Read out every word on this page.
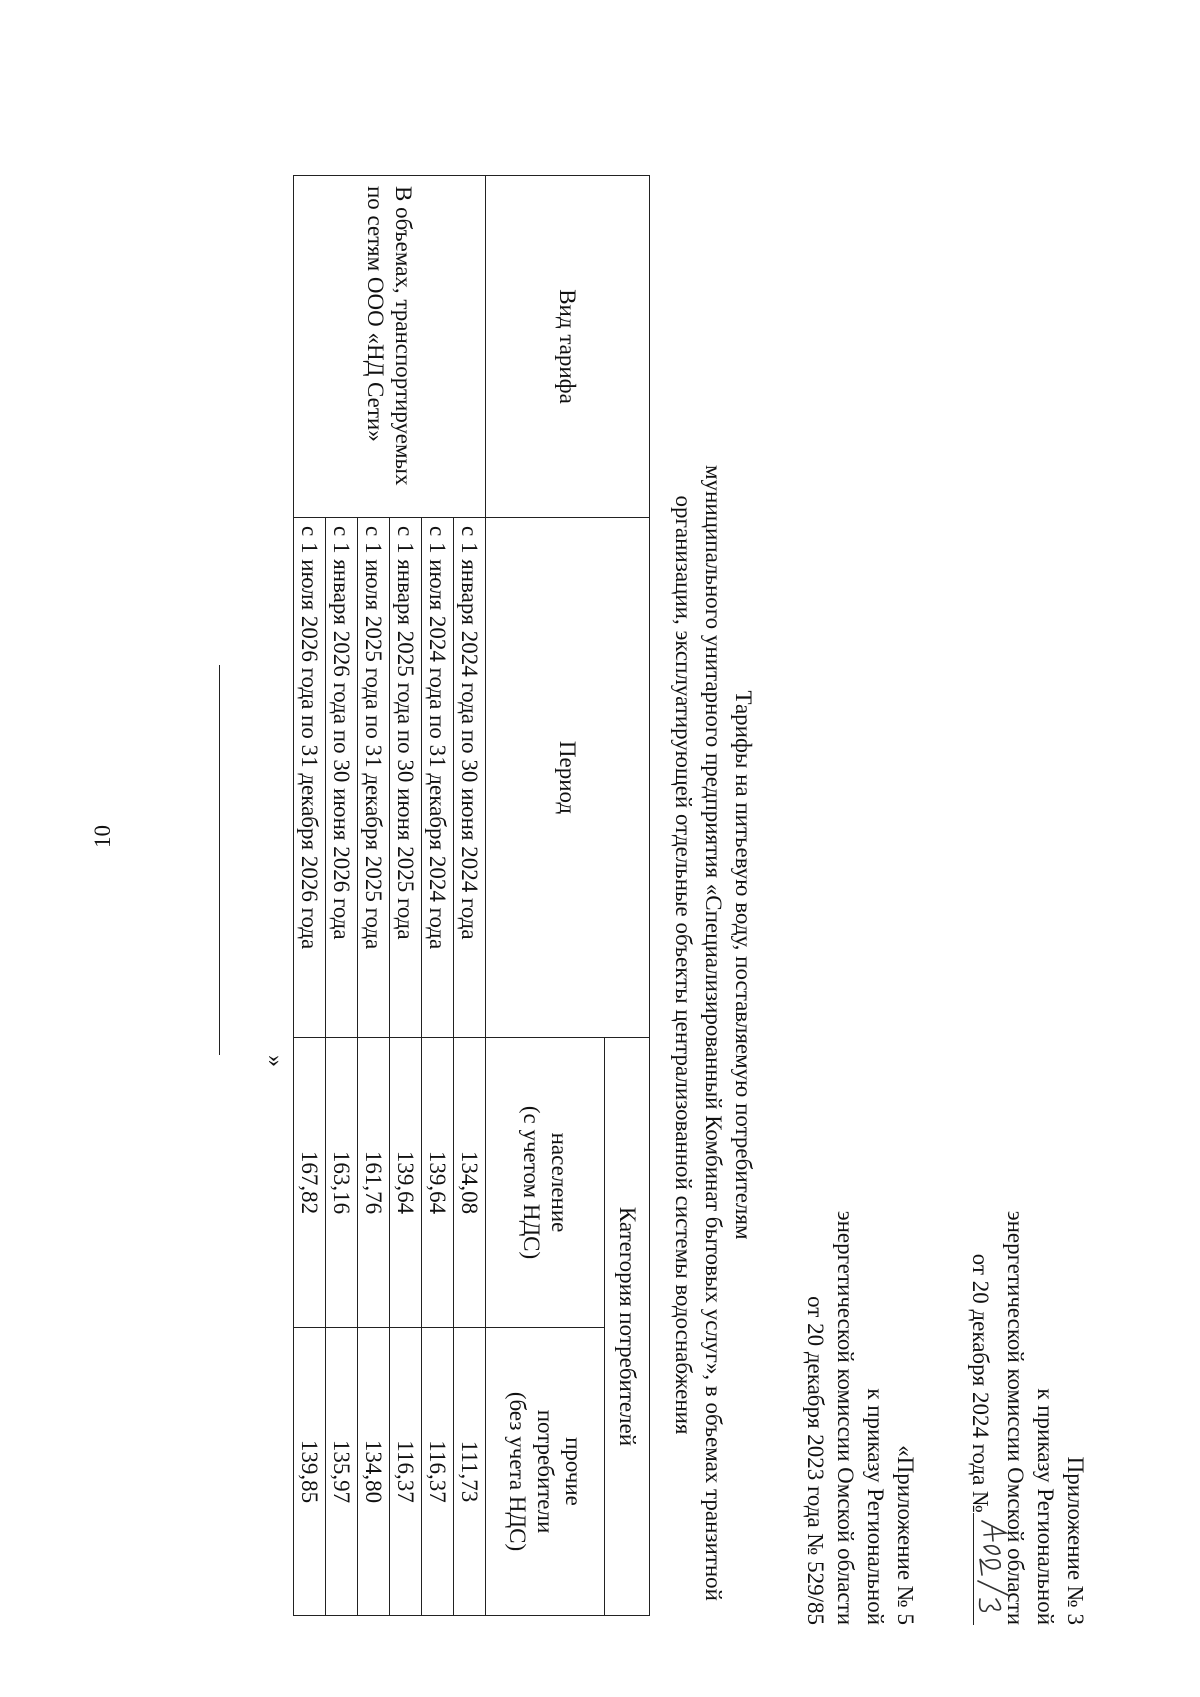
10
Приложение № 3
к приказу Региональной
энергетической комиссии Омской области
от 20 декабря 2024 года №
«Приложение № 5
к приказу Региональной
энергетической комиссии Омской области
от 20 декабря 2023 года № 529/85
Тарифы на питьевую воду, поставляемую потребителям
муниципального унитарного предприятия «Специализированный Комбинат бытовых услуг», в объемах транзитной
организации, эксплуатирующей отдельные объекты централизованной системы водоснабжения
Вид тарифа	Период	Категория потребителей	
		население
(с учетом НДС)	прочие
потребители
(без учета НДС)
В объемах, транспортируемых по сетям ООО «НД Сети»	с 1 января 2024 года по 30 июня 2024 года	134,08	111,73
	с 1 июля 2024 года по 31 декабря 2024 года	139,64	116,37
	с 1 января 2025 года по 30 июня 2025 года	139,64	116,37
	с 1 июля 2025 года по 31 декабря 2025 года	161,76	134,80
	с 1 января 2026 года по 30 июня 2026 года	163,16	135,97
	с 1 июля 2026 года по 31 декабря 2026 года	167,82	139,85
»
